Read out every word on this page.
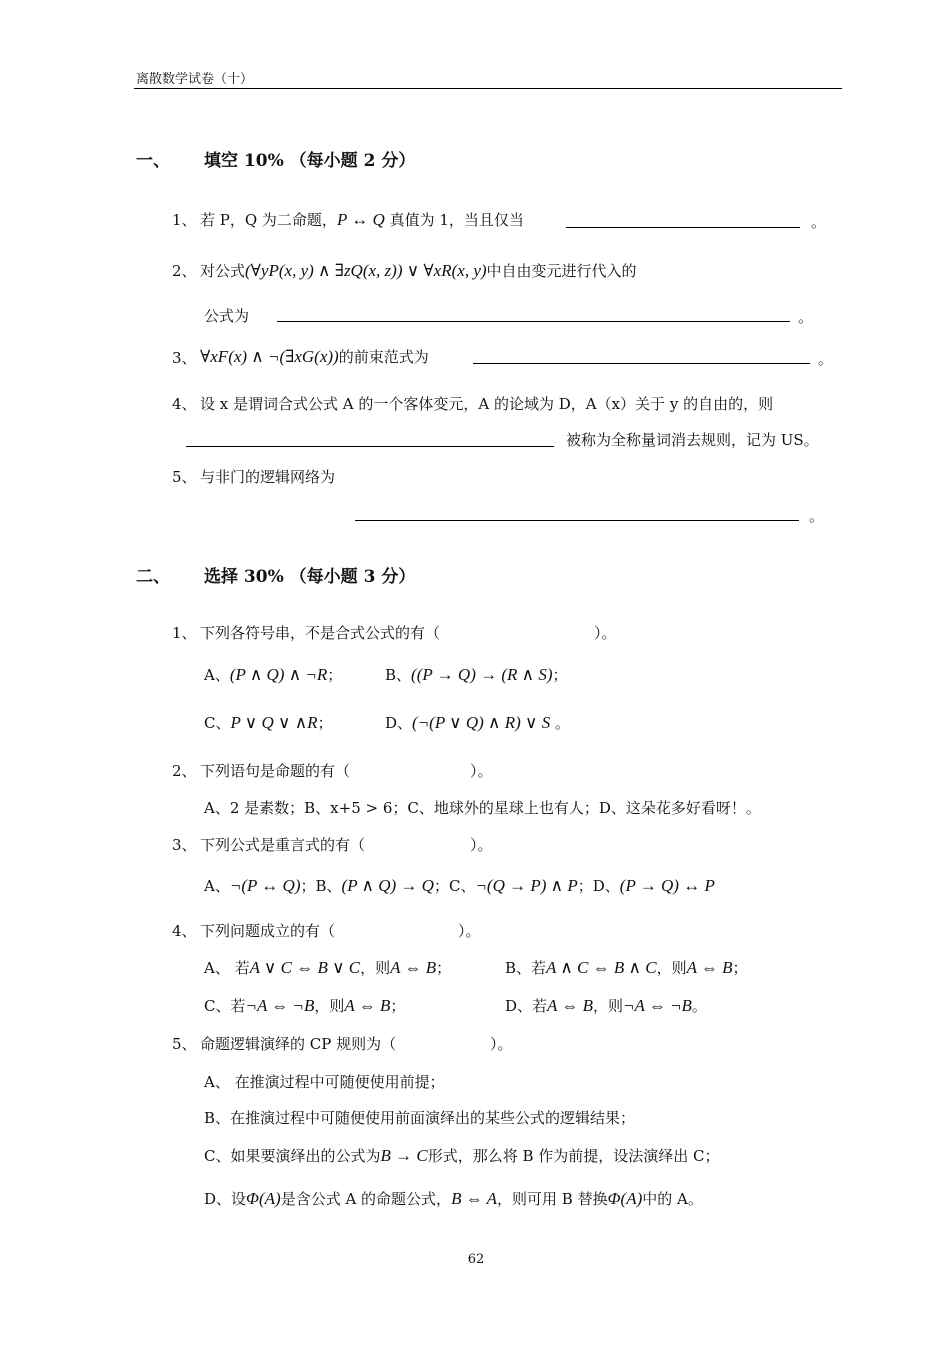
离散数学试卷（十）
一、 填空 10% （每小题 2 分）
1、 若 P，Q 为二命题，P ↔ Q 真值为 1，当且仅当	。
2、 对公式(∀yP(x, y) ∧ ∃zQ(x, z)) ∨ ∀xR(x, y)中自由变元进行代入的
公式为	。
3、 ∀xF(x) ∧ ¬(∃xG(x))的前束范式为	。
4、 设 x 是谓词合式公式 A 的一个客体变元，A 的论域为 D，A（x）关于 y 的自由的，则
被称为全称量词消去规则，记为 US。
5、 与非门的逻辑网络为
。
二、 选择 30% （每小题 3 分）
1、 下列各符号串，不是合式公式的有（	）。
A、(P ∧ Q) ∧ ¬R；	B、((P → Q) → (R ∧ S)；
C、P ∨ Q ∨ ∧R；	D、(¬(P ∨ Q) ∧ R) ∨ S 。
2、 下列语句是命题的有（	）。
A、2 是素数；B、x+5 > 6；C、地球外的星球上也有人；D、这朵花多好看呀！。
3、 下列公式是重言式的有（	）。
A、¬(P ↔ Q)；B、(P ∧ Q) → Q；C、¬(Q → P) ∧ P；D、(P → Q) ↔ P
4、 下列问题成立的有（	）。
A、 若A ∨ C ⇔ B ∨ C，则A ⇔ B；	B、若A ∧ C ⇔ B ∧ C，则A ⇔ B；
C、若¬A ⇔ ¬B，则A ⇔ B；	D、若A ⇔ B，则¬A ⇔ ¬B。
5、 命题逻辑演绎的 CP 规则为（	）。
A、 在推演过程中可随便使用前提；
B、在推演过程中可随便使用前面演绎出的某些公式的逻辑结果；
C、如果要演绎出的公式为B → C形式，那么将 B 作为前提，设法演绎出 C；
D、设Φ(A)是含公式 A 的命题公式，B ⇔ A，则可用 B 替换Φ(A)中的 A。
62
